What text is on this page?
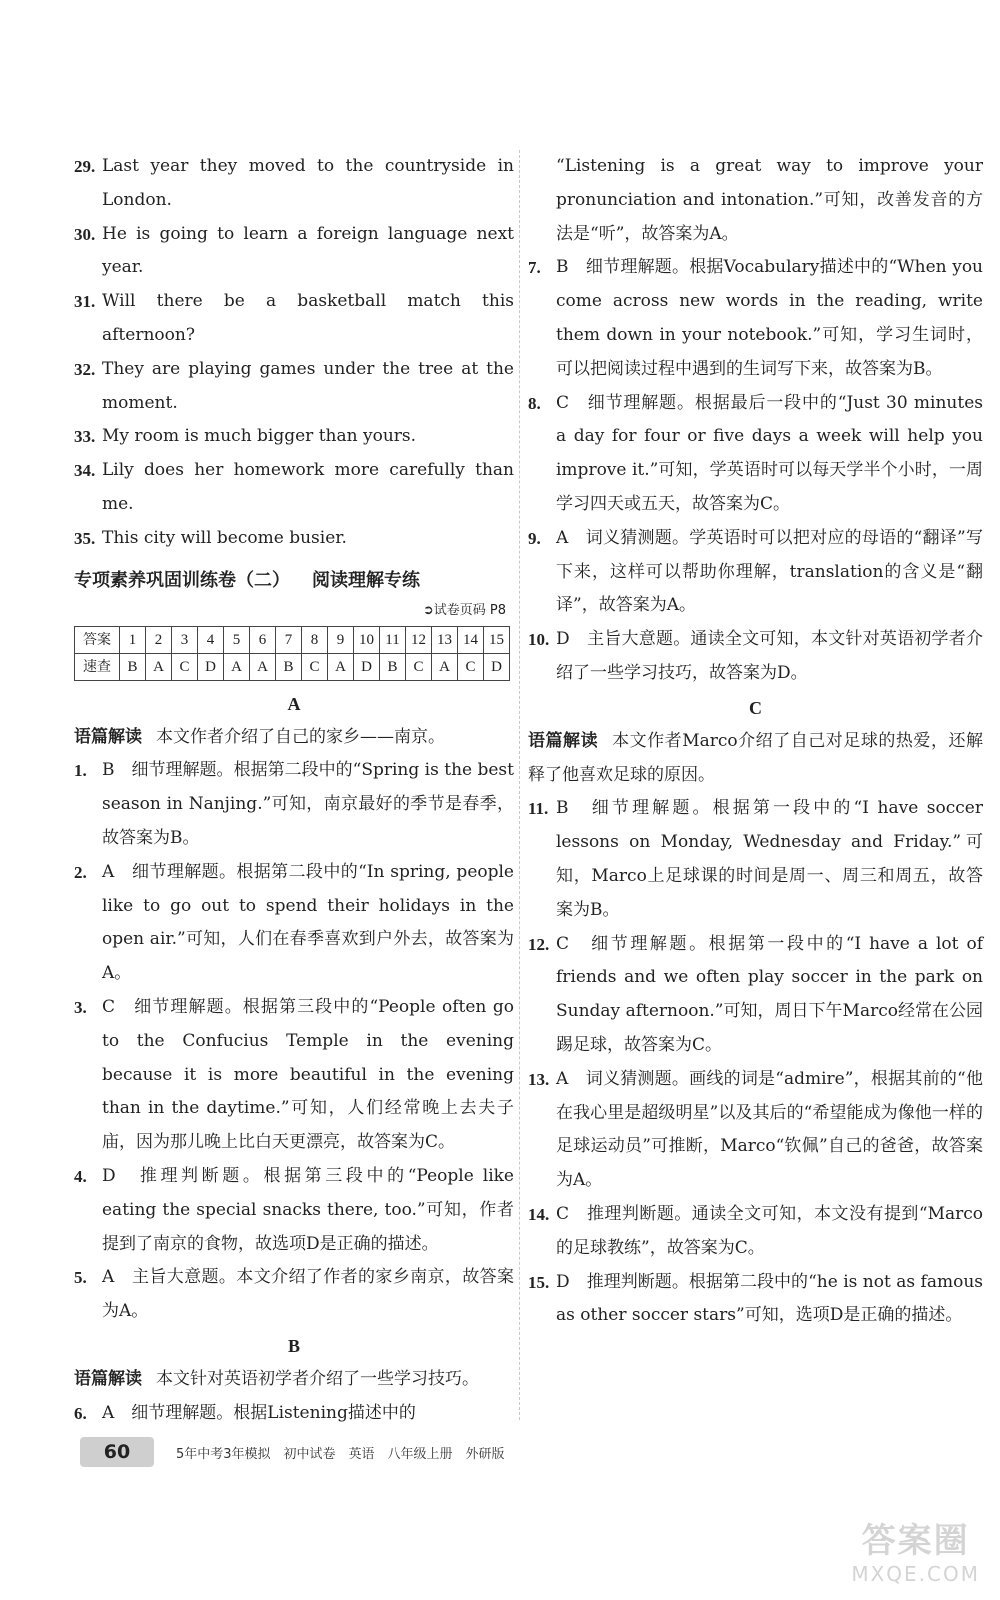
29. Last year they moved to the countryside in London.
30. He is going to learn a foreign language next year.
31. Will there be a basketball match this afternoon?
32. They are playing games under the tree at the moment.
33. My room is much bigger than yours.
34. Lily does her homework more carefully than me.
35. This city will become busier.
专项素养巩固训练卷（二） 阅读理解专练
➲试卷页码 P8
答案	1	2	3	4	5	6	7	8	9	10	11	12	13	14	15
速查	B	A	C	D	A	A	B	C	A	D	B	C	A	C	D
A
语篇解读 本文作者介绍了自己的家乡——南京。
1. B　细节理解题。根据第二段中的“Spring is the best season in Nanjing.”可知，南京最好的季节是春季，故答案为B。
2. A　细节理解题。根据第二段中的“In spring, people like to go out to spend their holidays in the open air.”可知，人们在春季喜欢到户外去，故答案为A。
3. C　细节理解题。根据第三段中的“People often go to the Confucius Temple in the evening because it is more beautiful in the evening than in the daytime.”可知，人们经常晚上去夫子庙，因为那儿晚上比白天更漂亮，故答案为C。
4. D　推理判断题。根据第三段中的“People like eating the special snacks there, too.”可知，作者提到了南京的食物，故选项D是正确的描述。
5. A　主旨大意题。本文介绍了作者的家乡南京，故答案为A。
B
语篇解读 本文针对英语初学者介绍了一些学习技巧。
6. A　细节理解题。根据Listening描述中的
“Listening is a great way to improve your pronunciation and intonation.”可知，改善发音的方法是“听”，故答案为A。
7. B　细节理解题。根据Vocabulary描述中的“When you come across new words in the reading, write them down in your notebook.”可知，学习生词时，可以把阅读过程中遇到的生词写下来，故答案为B。
8. C　细节理解题。根据最后一段中的“Just 30 minutes a day for four or five days a week will help you improve it.”可知，学英语时可以每天学半个小时，一周学习四天或五天，故答案为C。
9. A　词义猜测题。学英语时可以把对应的母语的“翻译”写下来，这样可以帮助你理解，translation的含义是“翻译”，故答案为A。
10. D　主旨大意题。通读全文可知，本文针对英语初学者介绍了一些学习技巧，故答案为D。
C
语篇解读 本文作者Marco介绍了自己对足球的热爱，还解释了他喜欢足球的原因。
11. B　细节理解题。根据第一段中的“I have soccer lessons on Monday, Wednesday and Friday.”可知，Marco上足球课的时间是周一、周三和周五，故答案为B。
12. C　细节理解题。根据第一段中的“I have a lot of friends and we often play soccer in the park on Sunday afternoon.”可知，周日下午Marco经常在公园踢足球，故答案为C。
13. A　词义猜测题。画线的词是“admire”，根据其前的“他在我心里是超级明星”以及其后的“希望能成为像他一样的足球运动员”可推断，Marco“钦佩”自己的爸爸，故答案为A。
14. C　推理判断题。通读全文可知，本文没有提到“Marco的足球教练”，故答案为C。
15. D　推理判断题。根据第二段中的“he is not as famous as other soccer stars”可知，选项D是正确的描述。
60	5年中考3年模拟　初中试卷　英语　八年级上册　外研版
答案圈
MXQE.COM
